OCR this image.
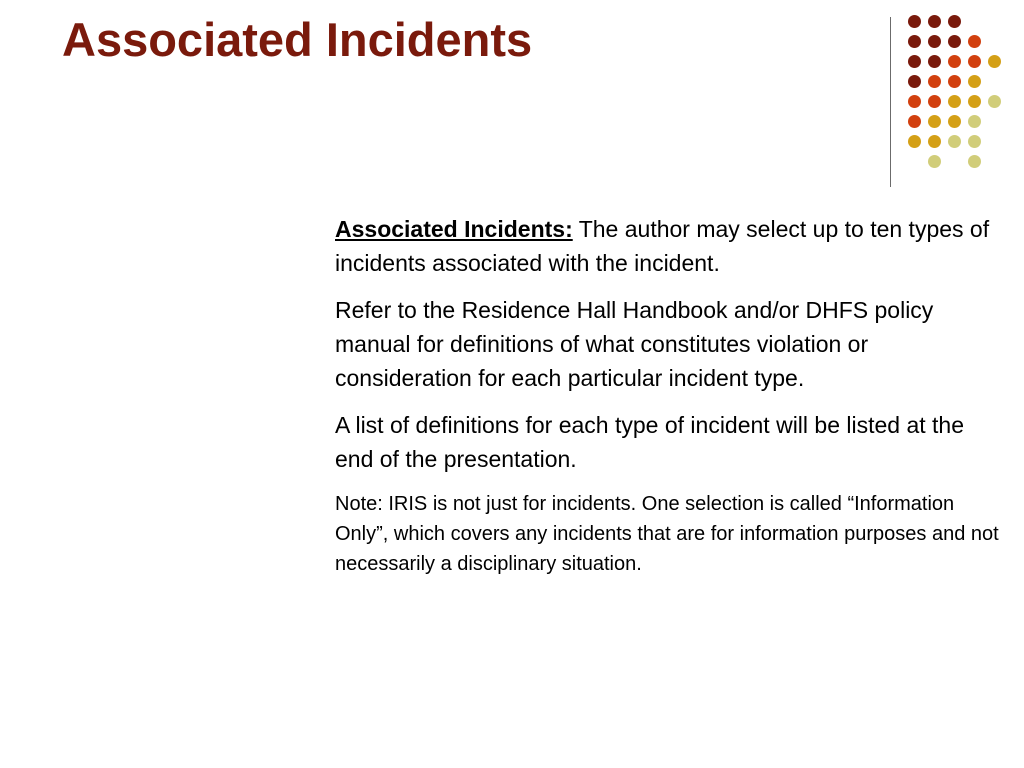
Associated Incidents

Associated Incidents: The author may select up to ten types of incidents associated with the incident.

Refer to the Residence Hall Handbook and/or DHFS policy manual for definitions of what constitutes violation or consideration for each particular incident type.

A list of definitions for each type of incident will be listed at the end of the presentation.

Note: IRIS is not just for incidents. One selection is called “Information Only”, which covers any incidents that are for information purposes and not necessarily a disciplinary situation.
